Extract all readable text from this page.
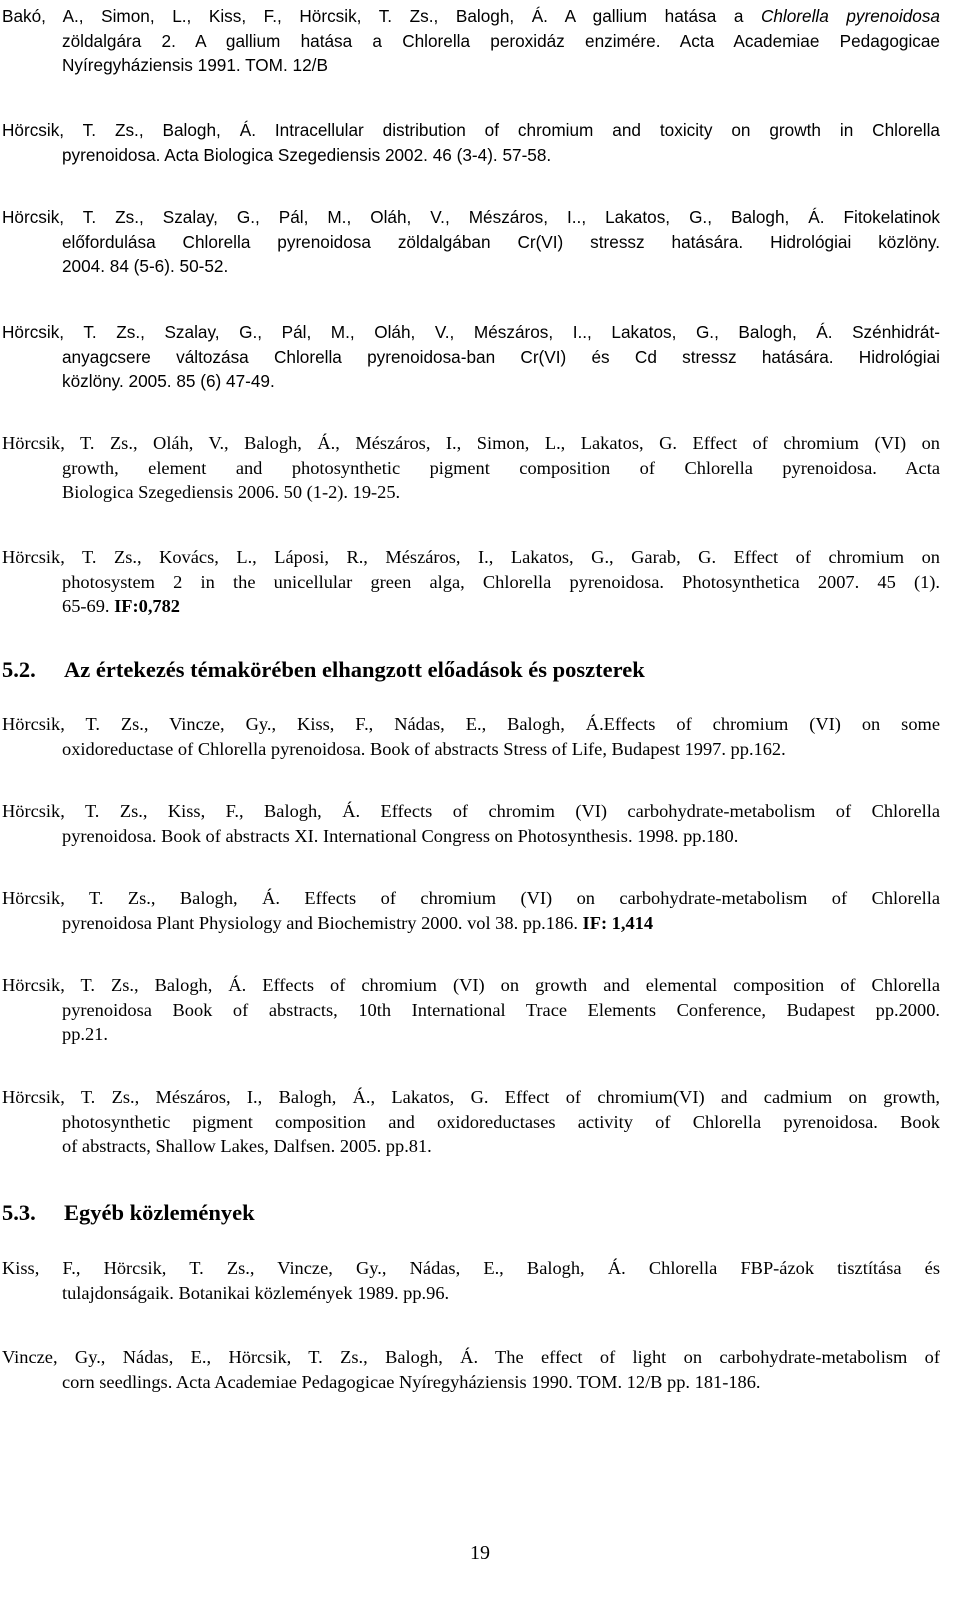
Bakó, A., Simon, L., Kiss, F., Hörcsik, T. Zs., Balogh, Á. A gallium hatása a Chlorella pyrenoidosa
zöldalgára 2. A gallium hatása a Chlorella peroxidáz enzimére. Acta Academiae Pedagogicae
Nyíregyháziensis 1991. TOM. 12/B
Hörcsik, T. Zs., Balogh, Á. Intracellular distribution of chromium and toxicity on growth in Chlorella
pyrenoidosa. Acta Biologica Szegediensis 2002. 46 (3-4). 57-58.
Hörcsik, T. Zs., Szalay, G., Pál, M., Oláh, V., Mészáros, I.., Lakatos, G., Balogh, Á. Fitokelatinok
előfordulása Chlorella pyrenoidosa zöldalgában Cr(VI) stressz hatására. Hidrológiai közlöny.
2004. 84 (5-6). 50-52.
Hörcsik, T. Zs., Szalay, G., Pál, M., Oláh, V., Mészáros, I.., Lakatos, G., Balogh, Á. Szénhidrát-
anyagcsere változása Chlorella pyrenoidosa-ban Cr(VI) és Cd stressz hatására. Hidrológiai
közlöny. 2005. 85 (6) 47-49.
Hörcsik, T. Zs., Oláh, V., Balogh, Á., Mészáros, I., Simon, L., Lakatos, G. Effect of chromium (VI) on
growth, element and photosynthetic pigment composition of Chlorella pyrenoidosa. Acta
Biologica Szegediensis 2006. 50 (1-2). 19-25.
Hörcsik, T. Zs., Kovács, L., Láposi, R., Mészáros, I., Lakatos, G., Garab, G. Effect of chromium on
photosystem 2 in the unicellular green alga, Chlorella pyrenoidosa. Photosynthetica 2007. 45 (1).
65-69. IF:0,782
5.2. Az értekezés témakörében elhangzott előadások és poszterek
Hörcsik, T. Zs., Vincze, Gy., Kiss, F., Nádas, E., Balogh, Á.Effects of chromium (VI) on some
oxidoreductase of Chlorella pyrenoidosa. Book of abstracts Stress of Life, Budapest 1997. pp.162.
Hörcsik, T. Zs., Kiss, F., Balogh, Á. Effects of chromim (VI) carbohydrate-metabolism of Chlorella
pyrenoidosa. Book of abstracts XI. International Congress on Photosynthesis. 1998. pp.180.
Hörcsik, T. Zs., Balogh, Á. Effects of chromium (VI) on carbohydrate-metabolism of Chlorella
pyrenoidosa Plant Physiology and Biochemistry 2000. vol 38. pp.186. IF: 1,414
Hörcsik, T. Zs., Balogh, Á. Effects of chromium (VI) on growth and elemental composition of Chlorella
pyrenoidosa Book of abstracts, 10th International Trace Elements Conference, Budapest pp.2000.
pp.21.
Hörcsik, T. Zs., Mészáros, I., Balogh, Á., Lakatos, G. Effect of chromium(VI) and cadmium on growth,
photosynthetic pigment composition and oxidoreductases activity of Chlorella pyrenoidosa. Book
of abstracts, Shallow Lakes, Dalfsen. 2005. pp.81.
5.3. Egyéb közlemények
Kiss, F., Hörcsik, T. Zs., Vincze, Gy., Nádas, E., Balogh, Á. Chlorella FBP-ázok tisztítása és
tulajdonságaik. Botanikai közlemények 1989. pp.96.
Vincze, Gy., Nádas, E., Hörcsik, T. Zs., Balogh, Á. The effect of light on carbohydrate-metabolism of
corn seedlings. Acta Academiae Pedagogicae Nyíregyháziensis 1990. TOM. 12/B pp. 181-186.
19
